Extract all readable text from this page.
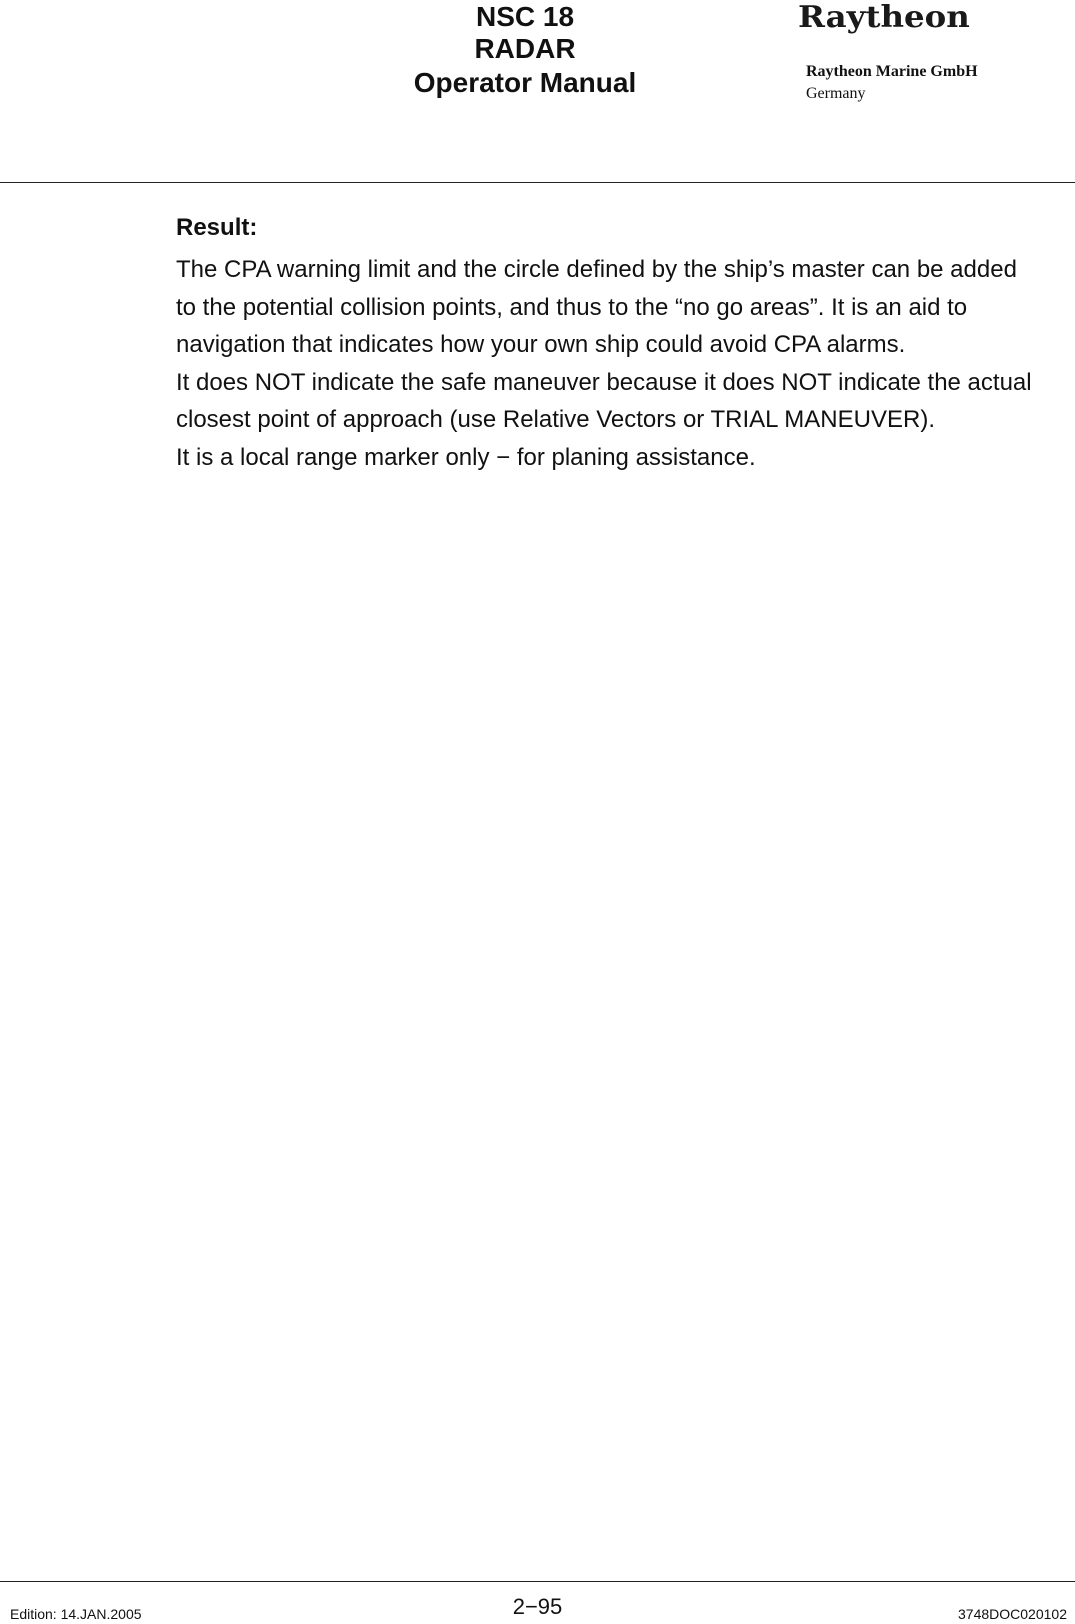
NSC 18
RADAR
Operator Manual
Raytheon
Raytheon Marine GmbH
Germany
Result:
The CPA warning limit and the circle defined by the ship’s master can be added
to the potential collision points, and thus to the “no go areas”. It is an aid to
navigation that indicates how your own ship could avoid CPA alarms.
It does NOT indicate the safe maneuver because it does NOT indicate the actual
closest point of approach (use Relative Vectors or TRIAL MANEUVER).
It is a local range marker only − for planing assistance.
Edition: 14.JAN.2005	2−95	3748DOC020102
